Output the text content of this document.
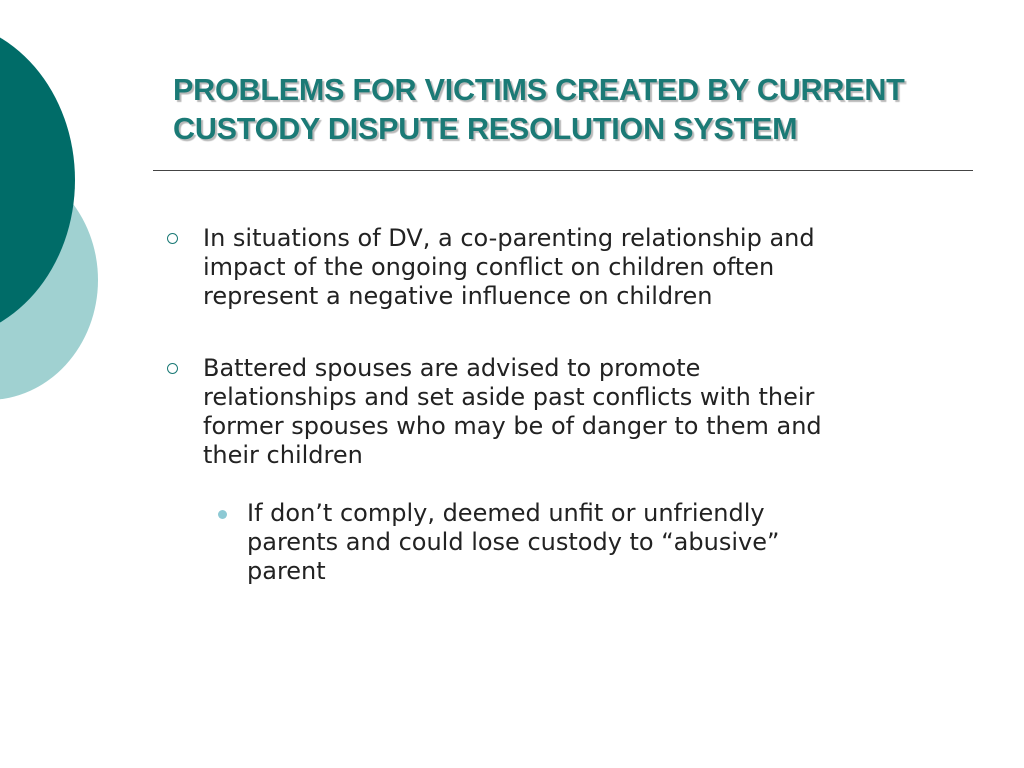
PROBLEMS FOR VICTIMS CREATED BY CURRENT
CUSTODY DISPUTE RESOLUTION SYSTEM
In situations of DV, a co-parenting relationship and
impact of the ongoing conflict on children often
represent a negative influence on children
Battered spouses are advised to promote
relationships and set aside past conflicts with their
former spouses who may be of danger to them and
their children
If don’t comply, deemed unfit or unfriendly
parents and could lose custody to “abusive”
parent
